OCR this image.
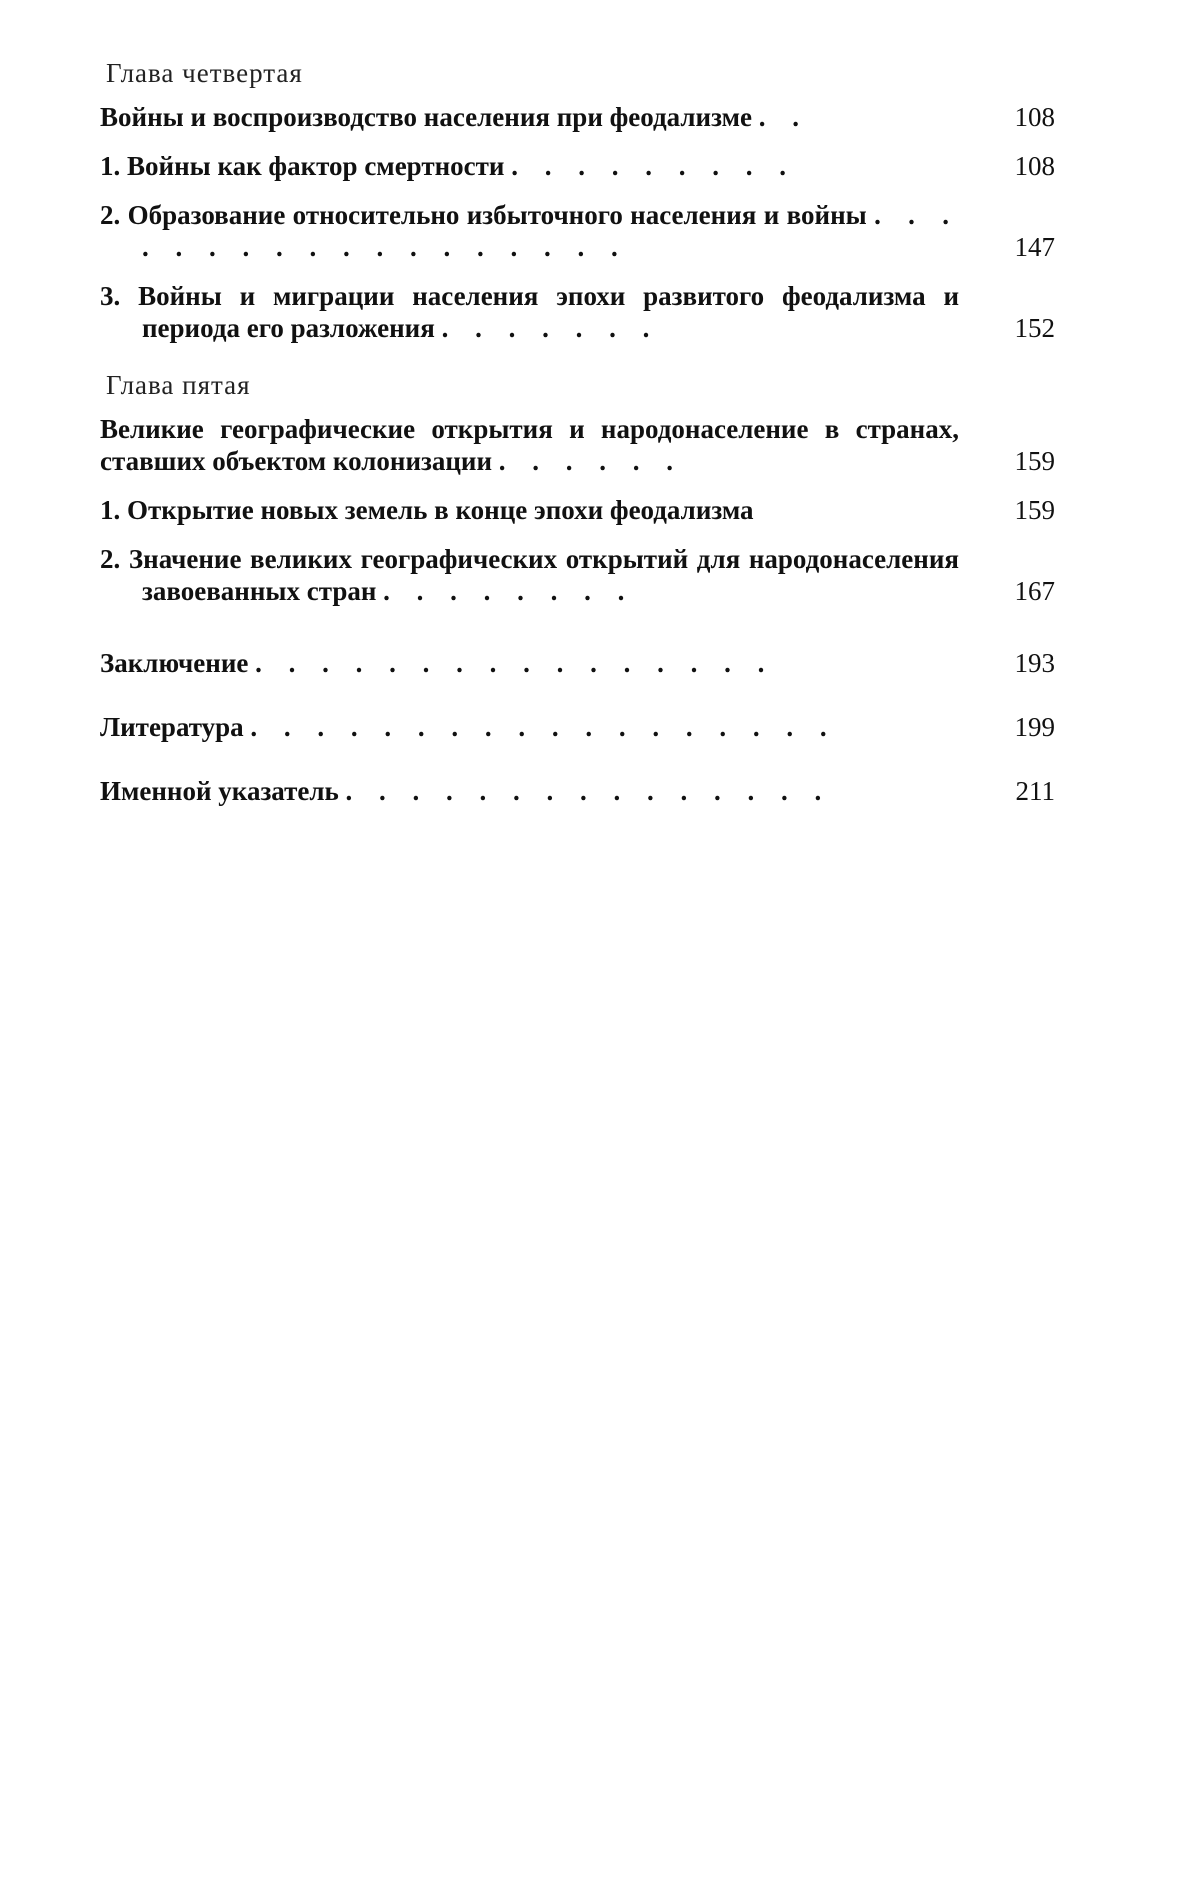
Глава четвертая
Войны и воспроизводство населения при феодализме . .	108
1. Войны как фактор смертности . . . . . . . . .	108
2. Образование относительно избыточного населения и войны . . . . . . . . . . . . . . . . . .	147
3. Войны и миграции населения эпохи развитого феодализма и периода его разложения . . . . . . .	152
Глава пятая
Великие географические открытия и народонаселение в странах, ставших объектом колонизации . . . . . .	159
1. Открытие новых земель в конце эпохи феодализма	159
2. Значение великих географических открытий для народонаселения завоеванных стран . . . . . . . .	167
Заключение . . . . . . . . . . . . . . . .	193
Литература . . . . . . . . . . . . . . . . . .	199
Именной указатель . . . . . . . . . . . . . . .	211
